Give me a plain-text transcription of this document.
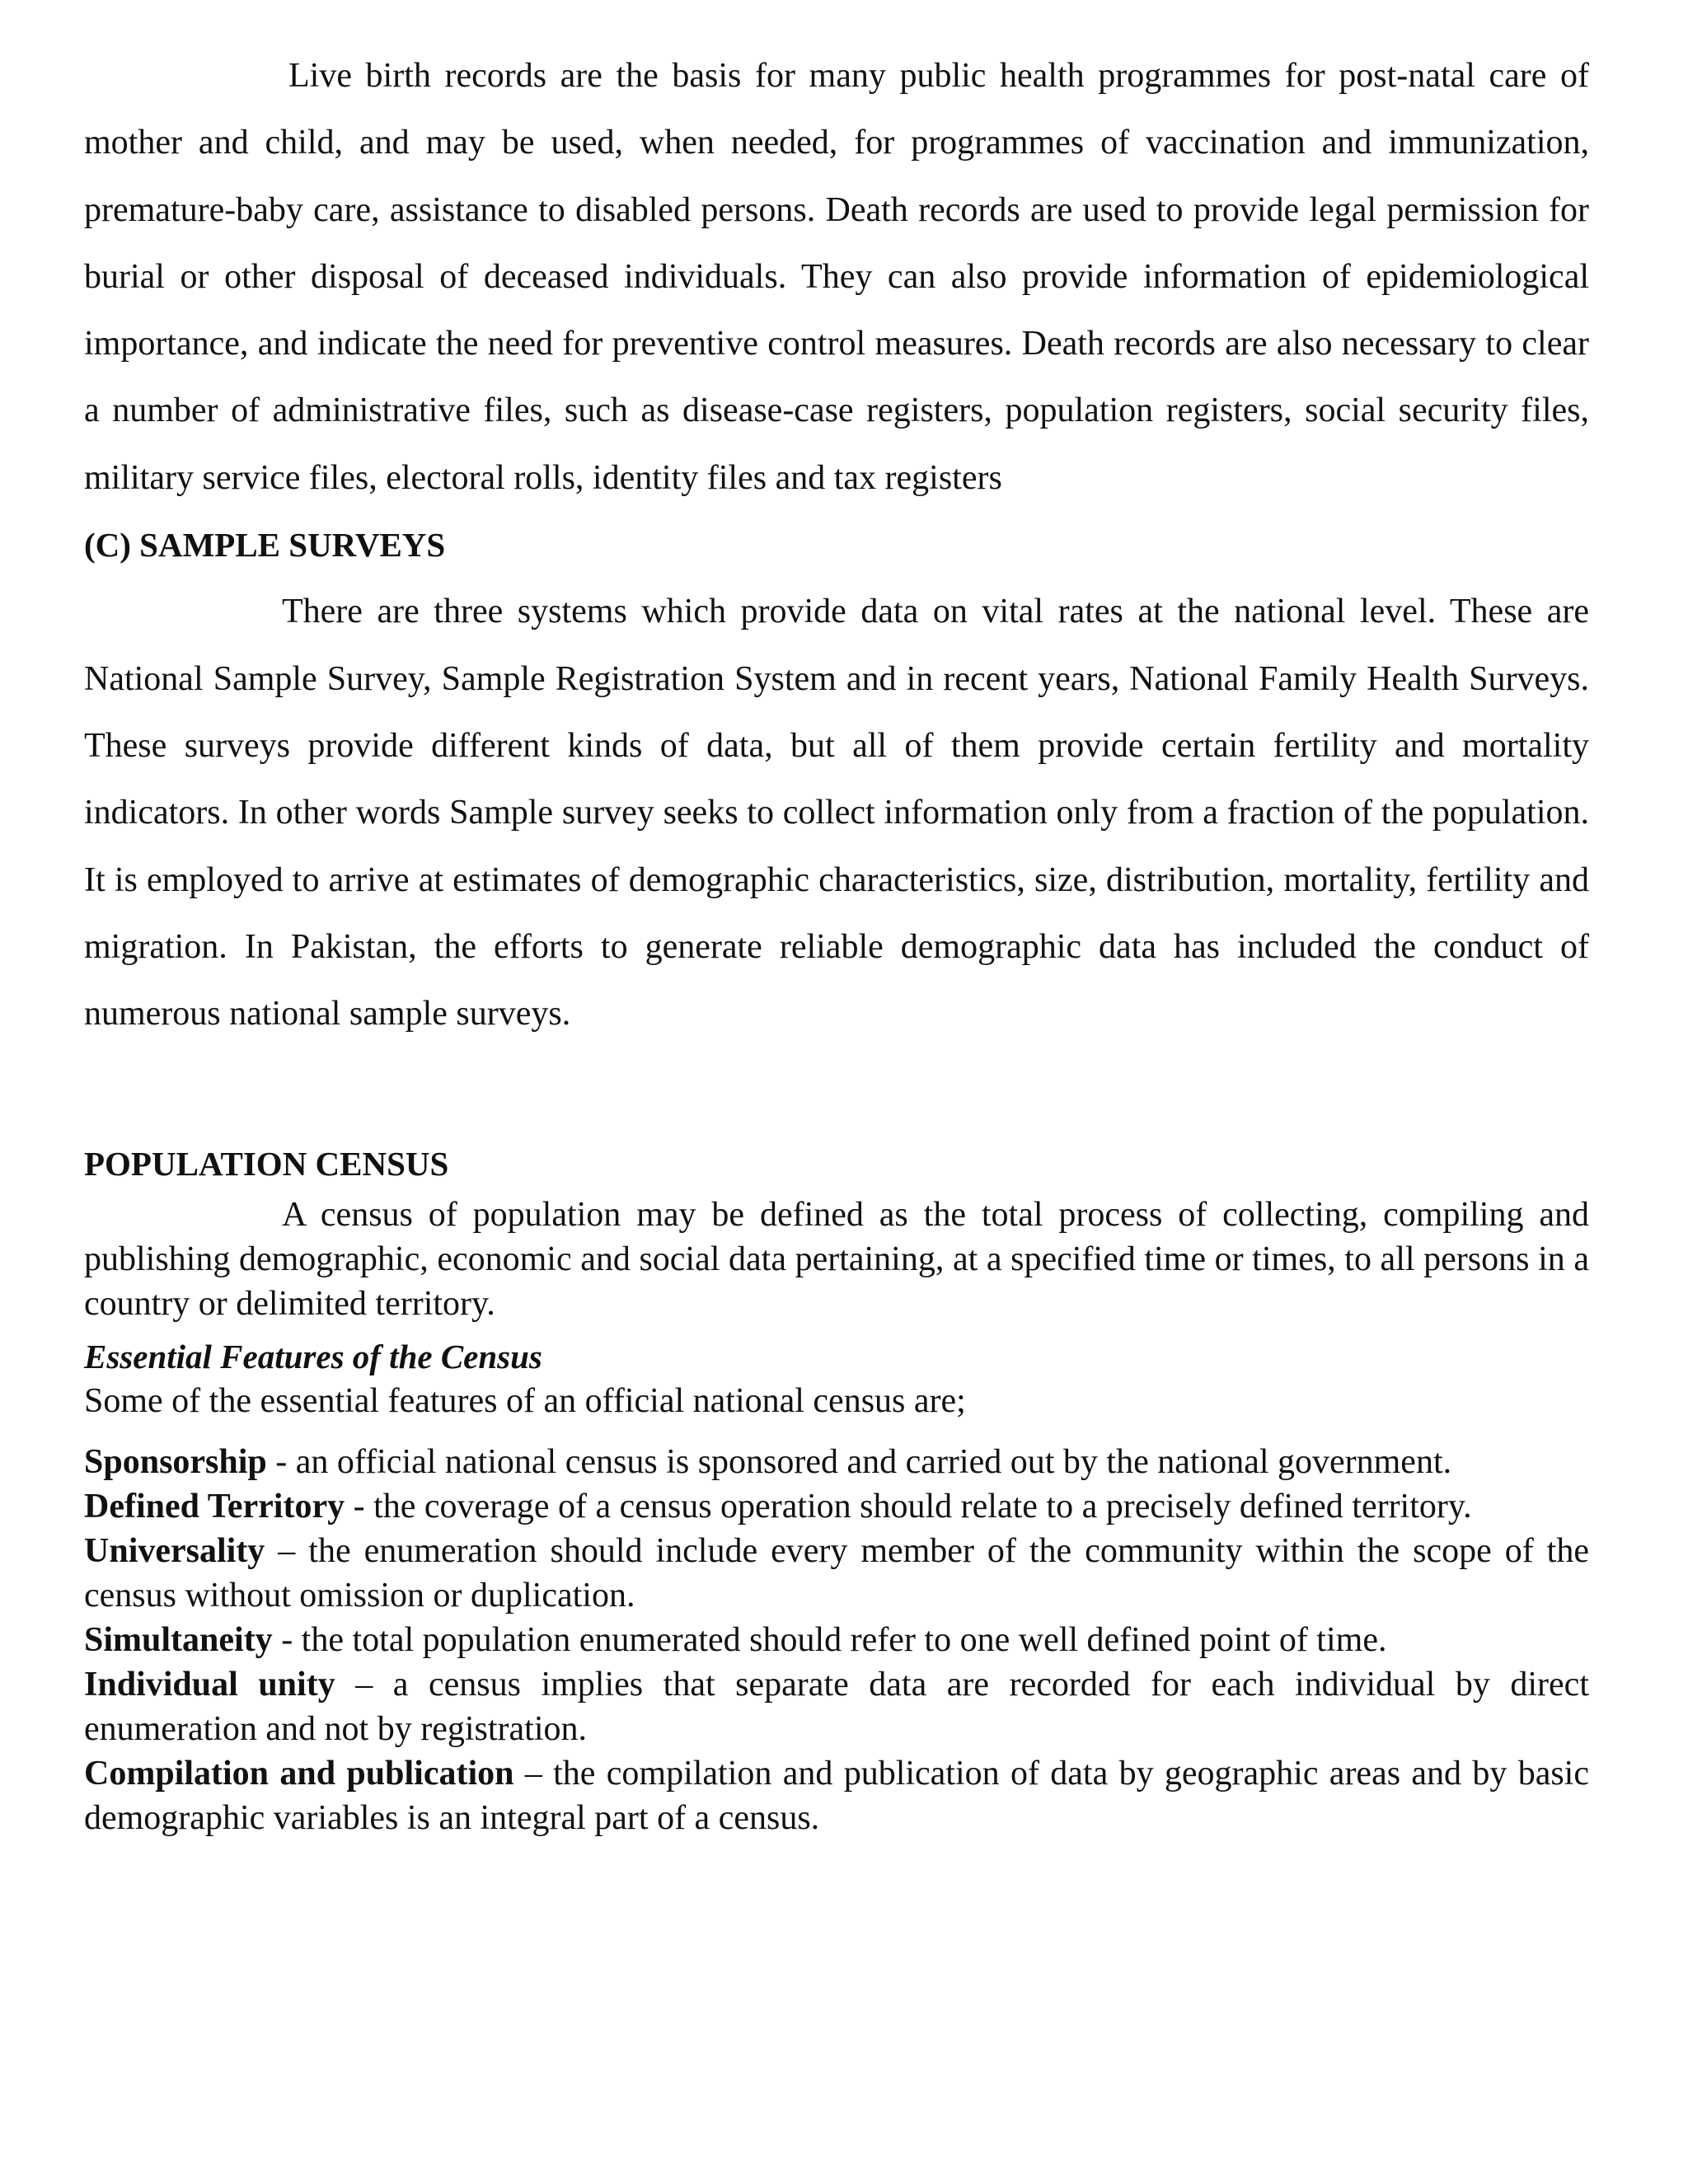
Live birth records are the basis for many public health programmes for post-natal care of mother and child, and may be used, when needed, for programmes of vaccination and immunization, premature-baby care, assistance to disabled persons. Death records are used to provide legal permission for burial or other disposal of deceased individuals. They can also provide information of epidemiological importance, and indicate the need for preventive control measures. Death records are also necessary to clear a number of administrative files, such as disease-case registers, population registers, social security files, military service files, electoral rolls, identity files and tax registers

(C) SAMPLE SURVEYS

There are three systems which provide data on vital rates at the national level. These are National Sample Survey, Sample Registration System and in recent years, National Family Health Surveys. These surveys provide different kinds of data, but all of them provide certain fertility and mortality indicators. In other words Sample survey seeks to collect information only from a fraction of the population. It is employed to arrive at estimates of demographic characteristics, size, distribution, mortality, fertility and migration. In Pakistan, the efforts to generate reliable demographic data has included the conduct of numerous national sample surveys.

POPULATION CENSUS

A census of population may be defined as the total process of collecting, compiling and publishing demographic, economic and social data pertaining, at a specified time or times, to all persons in a country or delimited territory.

Essential Features of the Census

Some of the essential features of an official national census are;

Sponsorship - an official national census is sponsored and carried out by the national government.

Defined Territory - the coverage of a census operation should relate to a precisely defined territory.

Universality – the enumeration should include every member of the community within the scope of the census without omission or duplication.

Simultaneity - the total population enumerated should refer to one well defined point of time.

Individual unity – a census implies that separate data are recorded for each individual by direct enumeration and not by registration.

Compilation and publication – the compilation and publication of data by geographic areas and by basic demographic variables is an integral part of a census.
